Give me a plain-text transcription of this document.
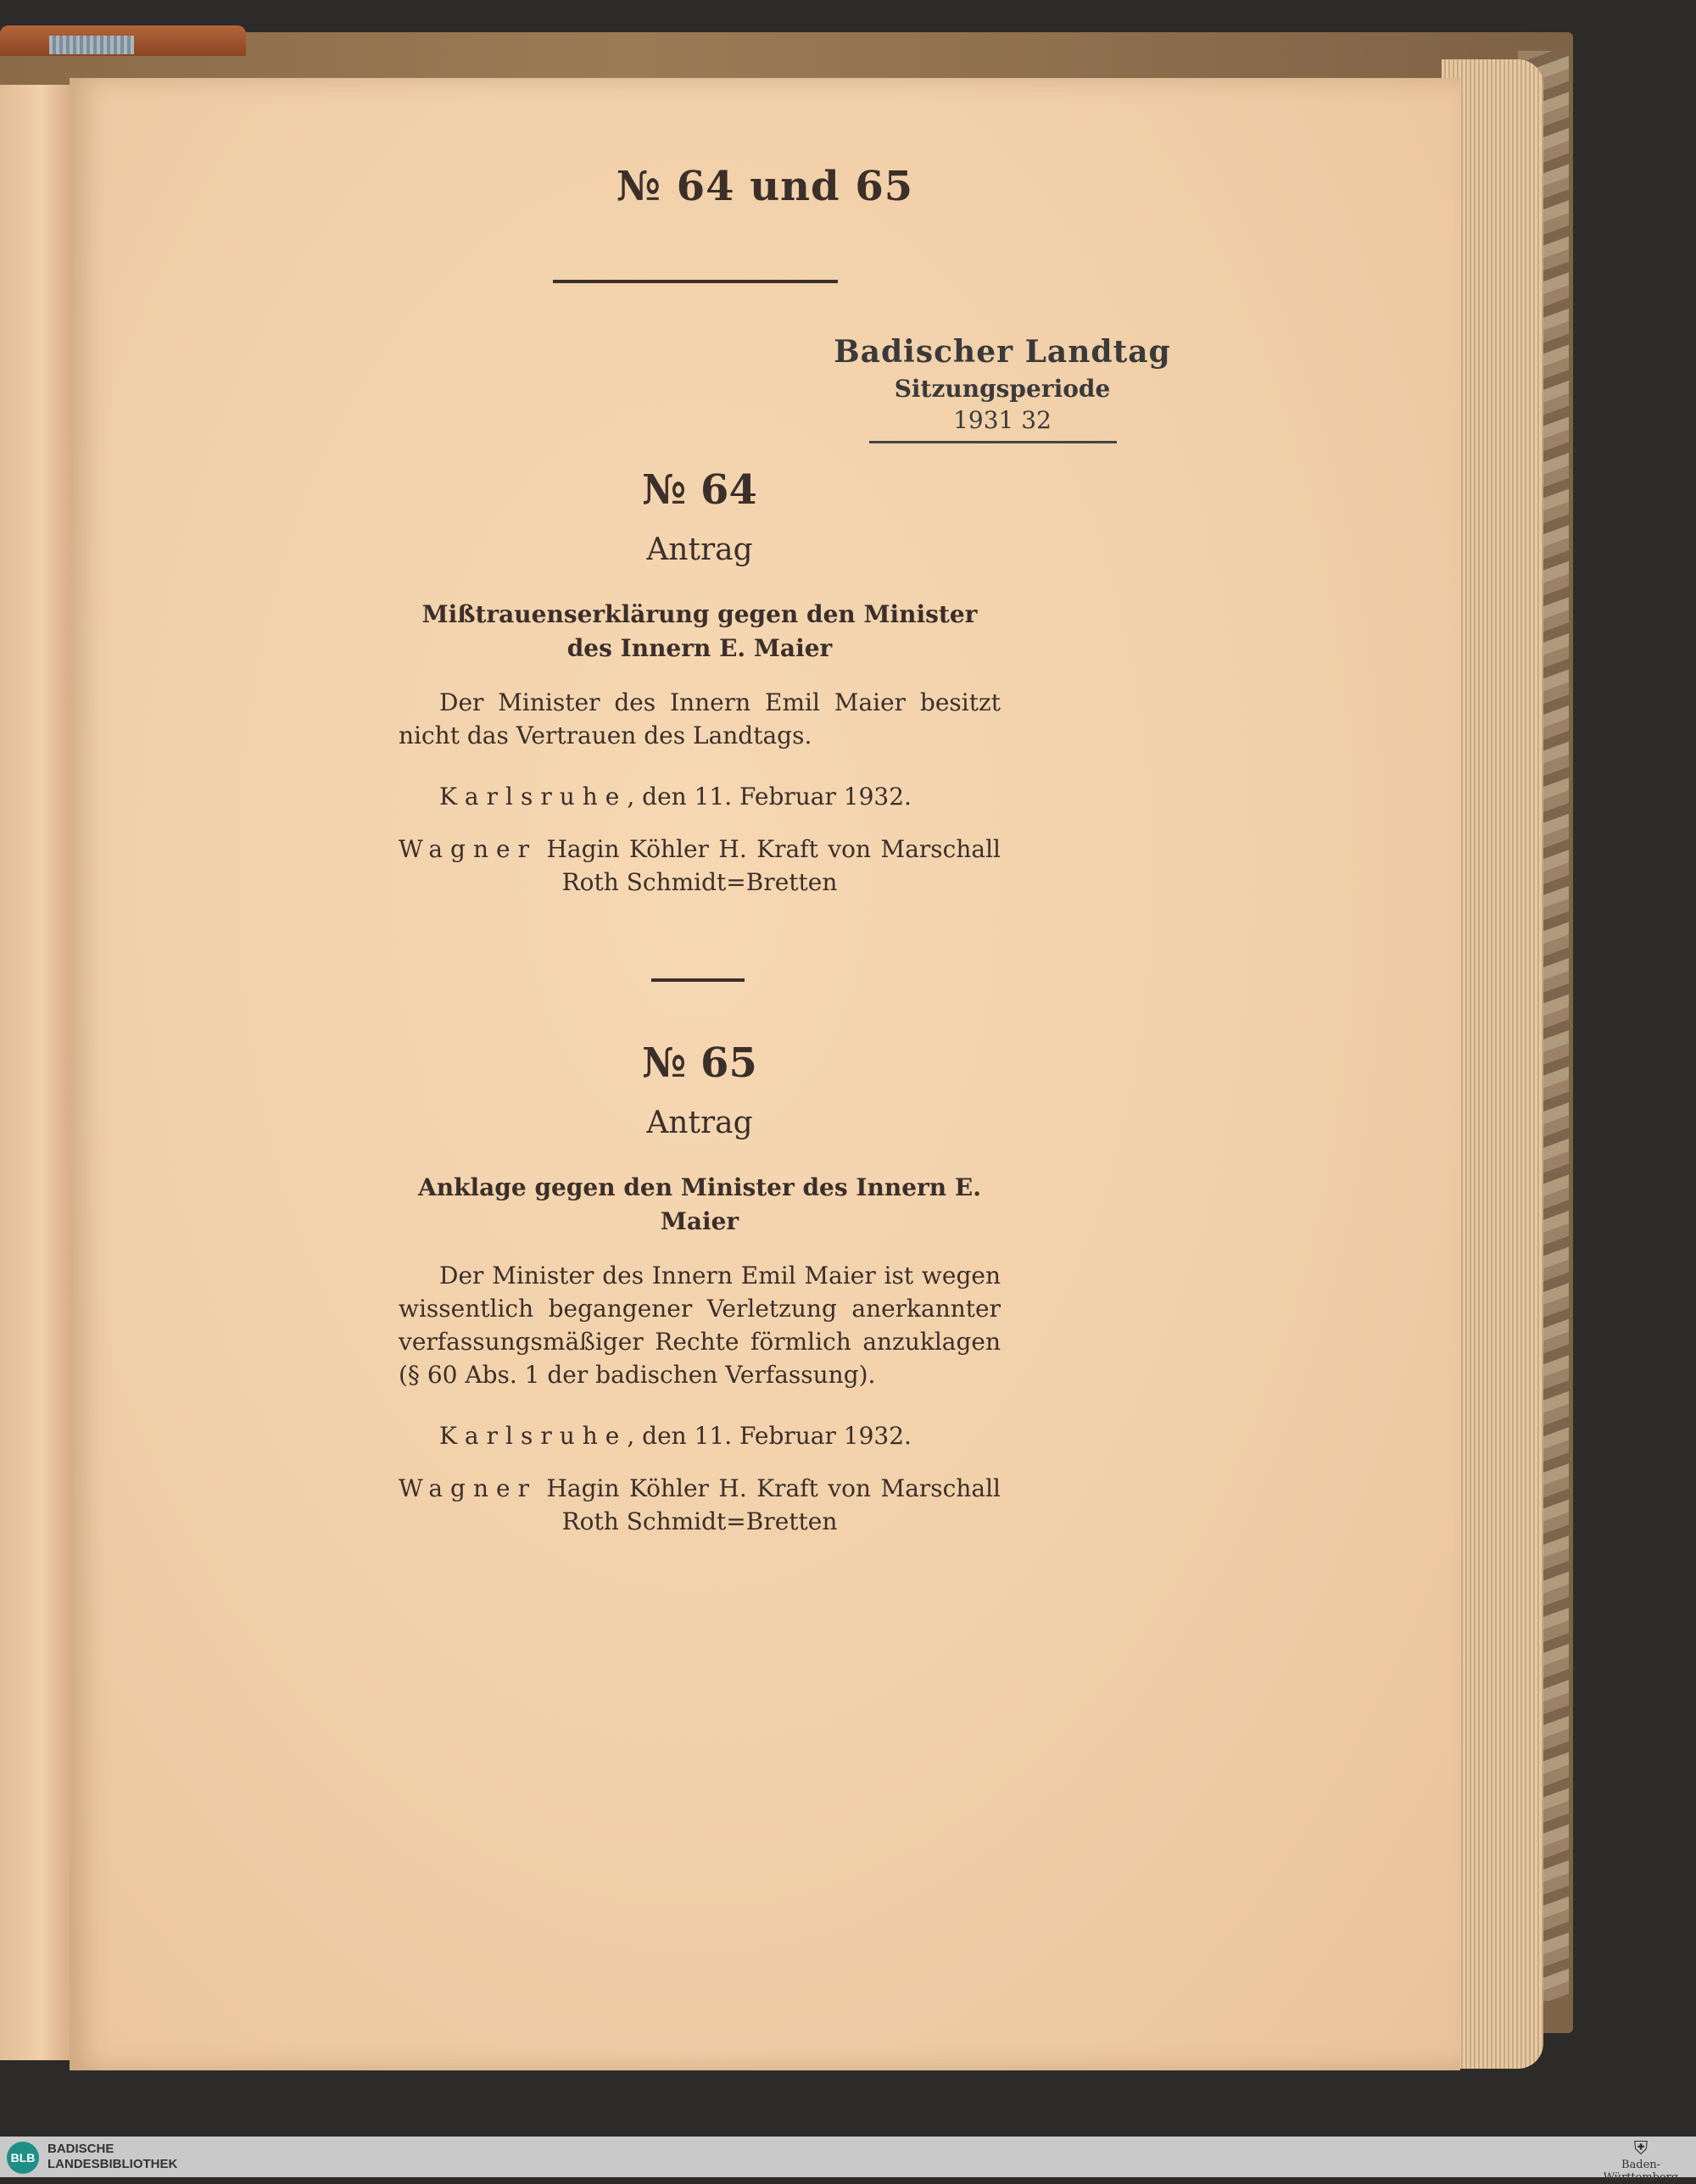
№ 64 und 65
Badischer Landtag
Sitzungsperiode
1931 32
№ 64
Antrag
Mißtrauenserklärung gegen den Minister des Innern E. Maier
Der Minister des Innern Emil Maier besitzt nicht das Vertrauen des Landtags.
Karlsruhe, den 11. Februar 1932.
Wagner Hagin Köhler H. Kraft von Marschall
Roth Schmidt=Bretten
№ 65
Antrag
Anklage gegen den Minister des Innern E. Maier
Der Minister des Innern Emil Maier ist wegen wissentlich begangener Verletzung anerkannter verfassungsmäßiger Rechte förmlich anzuklagen (§ 60 Abs. 1 der badischen Verfassung).
Karlsruhe, den 11. Februar 1932.
Wagner Hagin Köhler H. Kraft von Marschall
Roth Schmidt=Bretten
BLB
BADISCHE
LANDESBIBLIOTHEK
⛨
Baden-Württemberg
